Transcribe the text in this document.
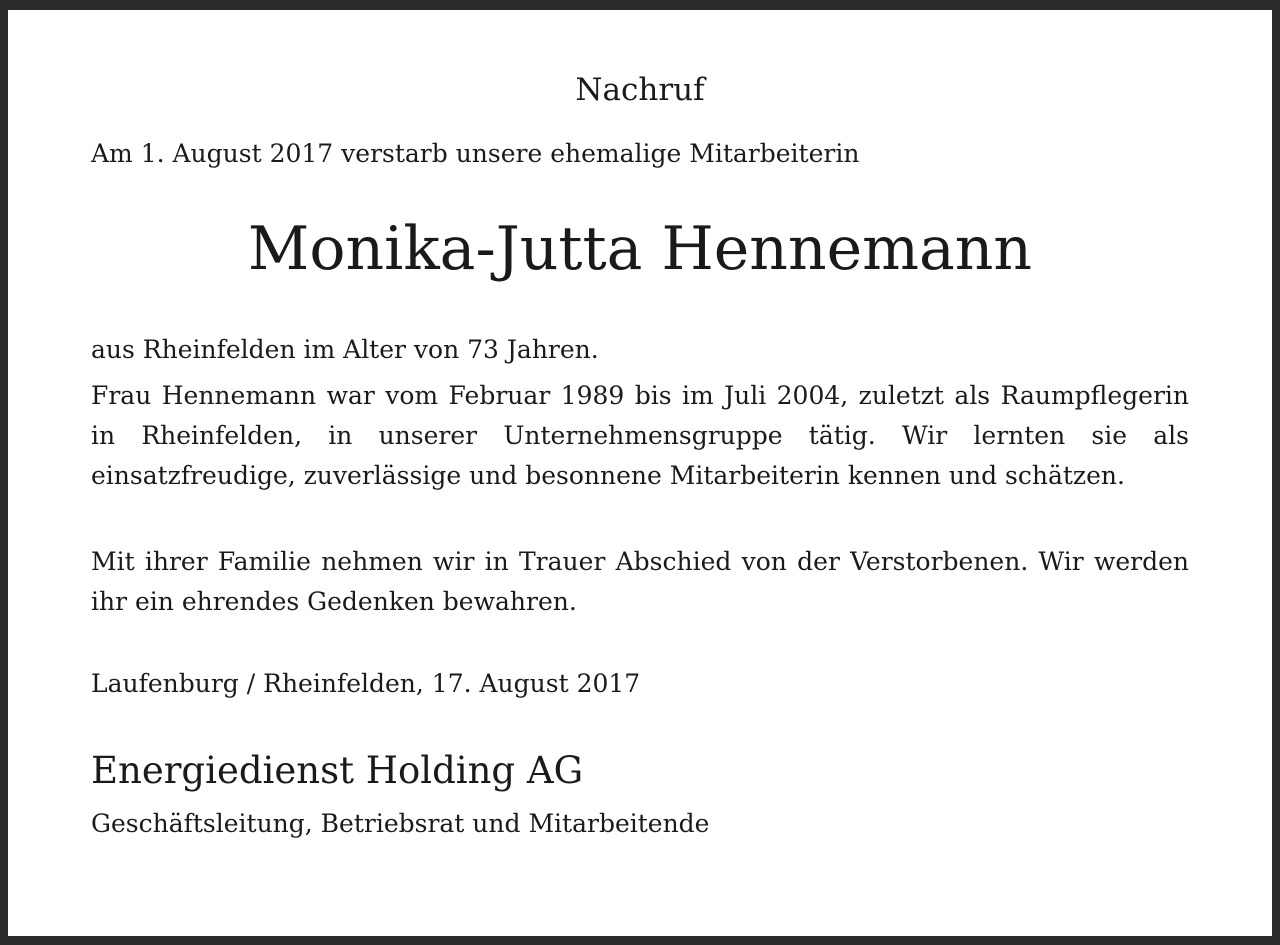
Nachruf

Am 1. August 2017 verstarb unsere ehemalige Mitarbeiterin

Monika-Jutta Hennemann

aus Rheinfelden im Alter von 73 Jahren.

Frau Hennemann war vom Februar 1989 bis im Juli 2004, zuletzt als Raumpflegerin in Rheinfelden, in unserer Unternehmensgruppe tätig. Wir lernten sie als einsatzfreudige, zuverlässige und besonnene Mitarbeiterin kennen und schätzen.

Mit ihrer Familie nehmen wir in Trauer Abschied von der Verstorbenen. Wir werden ihr ein ehrendes Gedenken bewahren.

Laufenburg / Rheinfelden, 17. August 2017

Energiedienst Holding AG

Geschäftsleitung, Betriebsrat und Mitarbeitende
